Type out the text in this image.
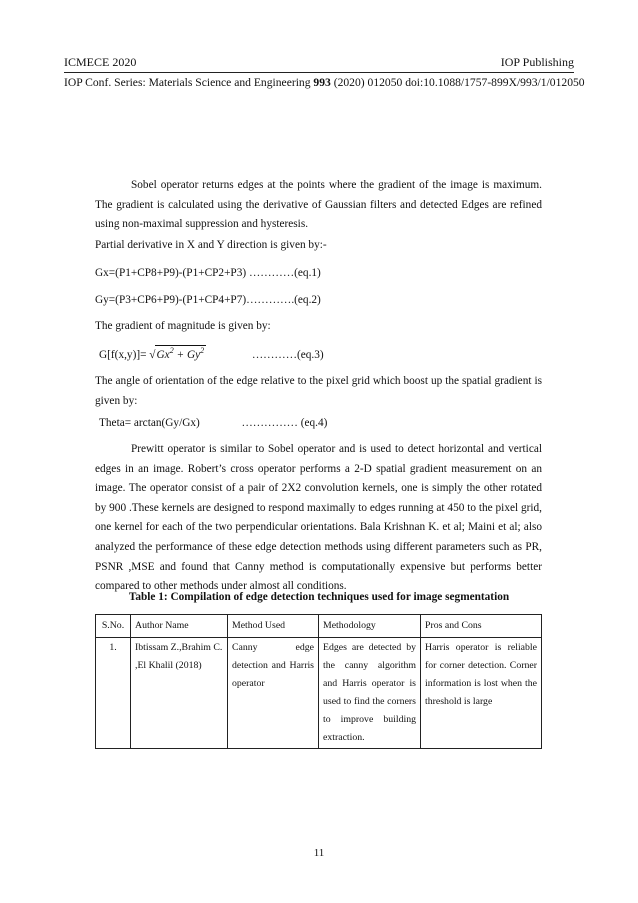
ICMECE 2020	IOP Publishing
IOP Conf. Series: Materials Science and Engineering 993 (2020) 012050 doi:10.1088/1757-899X/993/1/012050
Sobel operator returns edges at the points where the gradient of the image is maximum. The gradient is calculated using the derivative of Gaussian filters and detected Edges are refined using non-maximal suppression and hysteresis.
Partial derivative in X and Y direction is given by:-
Gx=(P1+CP8+P9)-(P1+CP2+P3) …………(eq.1)
Gy=(P3+CP6+P9)-(P1+CP4+P7)………….(eq.2)
The gradient of magnitude is given by:
$G[f(x,y)]= √Gx^2 + Gy^2$	…………(eq.3)
The angle of orientation of the edge relative to the pixel grid which boost up the spatial gradient is given by:
Theta= arctan(Gy/Gx)	…………… (eq.4)
Prewitt operator is similar to Sobel operator and is used to detect horizontal and vertical edges in an image. Robert’s cross operator performs a 2-D spatial gradient measurement on an image. The operator consist of a pair of 2X2 convolution kernels, one is simply the other rotated by 900 .These kernels are designed to respond maximally to edges running at 450 to the pixel grid, one kernel for each of the two perpendicular orientations. Bala Krishnan K. et al; Maini et al; also analyzed the performance of these edge detection methods using different parameters such as PR, PSNR ,MSE and found that Canny method is computationally expensive but performs better compared to other methods under almost all conditions.
Table 1: Compilation of edge detection techniques used for image segmentation
S.No.	Author Name	Method Used	Methodology	Pros and Cons
1.	Ibtissam Z.,Brahim C. ,El Khalil (2018)	Canny edge detection and Harris operator	Edges are detected by the canny algorithm and Harris operator is used to find the corners to improve building extraction.	Harris operator is reliable for corner detection. Corner information is lost when the threshold is large
11
